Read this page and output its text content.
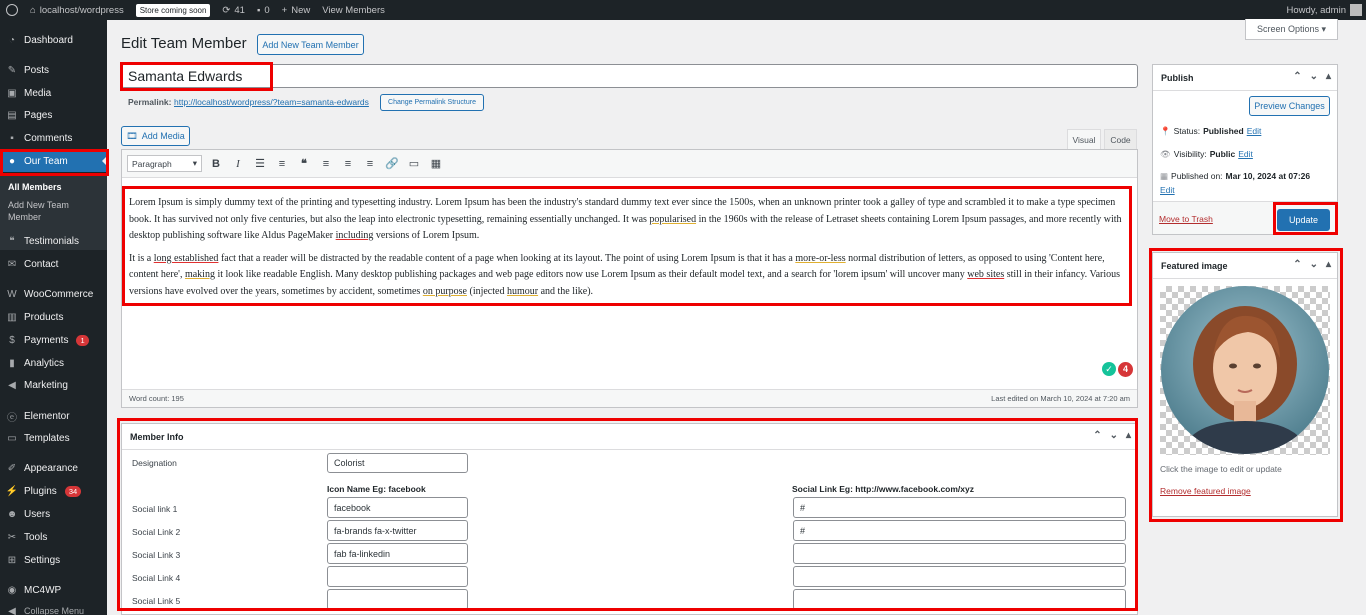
⌂ localhost/wordpress	Store coming soon	⟳ 41 ▪ 0 + New View Members	Howdy, admin
All Members
Add New Team
Member
◔ Dashboard
✎ Posts
▣ Media
▤ Pages
▪	Comments
● Our Team
❝ Testimonials
✉ Contact
W WooCommerce
▥ Products
$ Payments	1
▮ Analytics
◀ Marketing
ⓔ Elementor
▭ Templates
✐ Appearance
⚡ Plugins	34
☻ Users
✂ Tools
⊞ Settings
◉ MC4WP
◀ Collapse Menu
Edit Team Member	Add New Team Member
Screen Options ▾
Samanta Edwards
Permalink: http://localhost/wordpress/?team=samanta-edwards	Change Permalink Structure
🎞 Add Media	Visual	Code
Paragraph ▾	B	I	☰	≡	❝	≡	≡	≡	🔗 ▭ ▦

Lorem Ipsum is simply dummy text of the printing and typesetting industry. Lorem Ipsum has been the industry's standard dummy text ever since the 1500s, when an unknown printer took a galley of type and scrambled it to make a type specimen book. It has survived not only five centuries, but also the leap into electronic typesetting, remaining essentially unchanged. It was popularised in the 1960s with the release of Letraset sheets containing Lorem Ipsum passages, and more recently with desktop publishing software like Aldus PageMaker including versions of Lorem Ipsum.

It is a long established fact that a reader will be distracted by the readable content of a page when looking at its layout. The point of using Lorem Ipsum is that it has a more-or-less normal distribution of letters, as opposed to using 'Content here, content here', making it look like readable English. Many desktop publishing packages and web page editors now use Lorem Ipsum as their default model text, and a search for 'lorem ipsum' will uncover many web sites still in their infancy. Various versions have evolved over the years, sometimes by accident, sometimes on purpose (injected humour and the like).

✓	4
Word count: 195	Last edited on March 10, 2024 at 7:20 am
Member Info	⌃ ⌄ ▴
Designation	Colorist
Icon Name Eg: facebook	Social Link Eg: http://www.facebook.com/xyz
Social link 1	facebook	#
Social Link 2	fa-brands fa-x-twitter	#
Social Link 3	fab fa-linkedin
Social Link 4
Social Link 5
Publish	⌃ ⌄ ▴
Preview Changes
📍 Status: Published Edit
👁 Visibility: Public Edit
▦ Published on: Mar 10, 2024 at 07:26
Edit
Move to Trash	Update
Featured image	⌃ ⌄ ▴
Click the image to edit or update
Remove featured image
